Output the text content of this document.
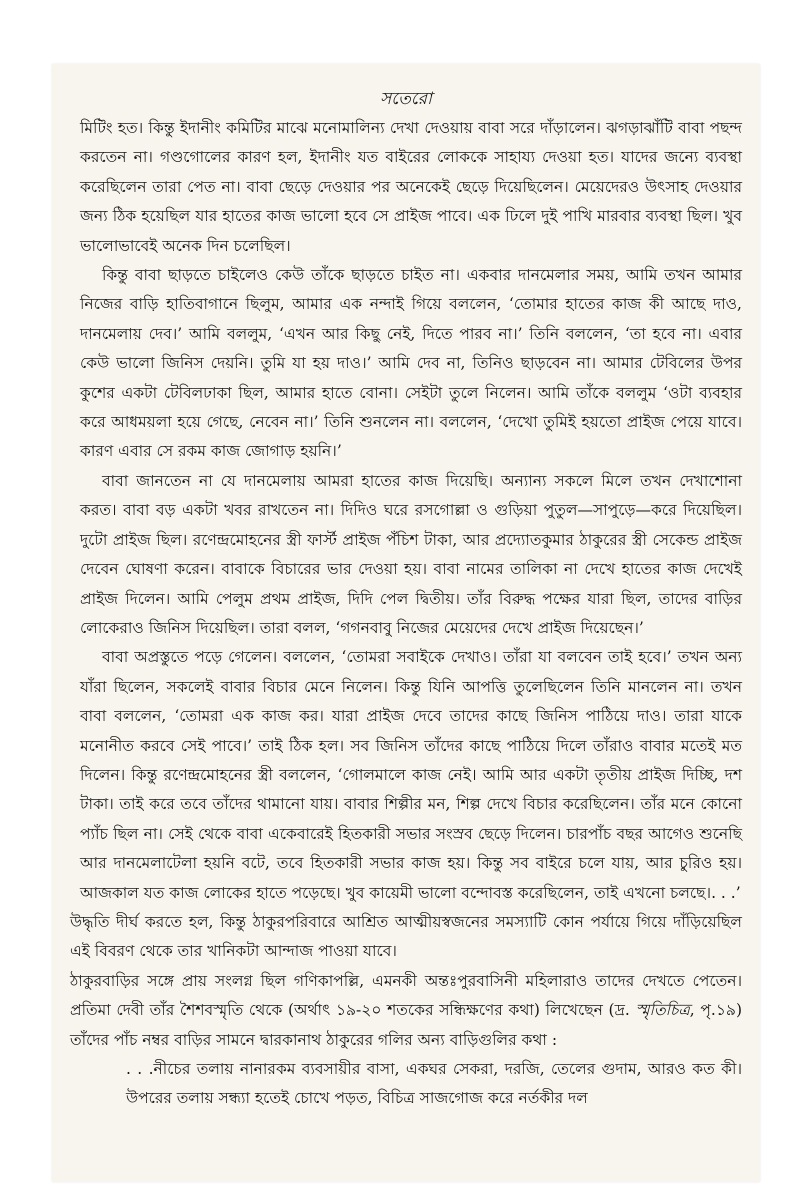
সতেরো

মিটিং হত। কিন্তু ইদানীং কমিটির মাঝে মনোমালিন্য দেখা দেওয়ায় বাবা সরে দাঁড়ালেন। ঝগড়াঝাঁটি বাবা পছন্দ করতেন না। গণ্ডগোলের কারণ হল, ইদানীং যত বাইরের লোককে সাহায্য দেওয়া হত। যাদের জন্যে ব্যবস্থা করেছিলেন তারা পেত না। বাবা ছেড়ে দেওয়ার পর অনেকেই ছেড়ে দিয়েছিলেন। মেয়েদেরও উৎসাহ দেওয়ার জন্য ঠিক হয়েছিল যার হাতের কাজ ভালো হবে সে প্রাইজ পাবে। এক ঢিলে দুই পাখি মারবার ব্যবস্থা ছিল। খুব ভালোভাবেই অনেক দিন চলেছিল।

কিন্তু বাবা ছাড়তে চাইলেও কেউ তাঁকে ছাড়তে চাইত না। একবার দানমেলার সময়, আমি তখন আমার নিজের বাড়ি হাতিবাগানে ছিলুম, আমার এক নন্দাই গিয়ে বললেন, ‘তোমার হাতের কাজ কী আছে দাও, দানমেলায় দেব।’ আমি বললুম, ‘এখন আর কিছু নেই, দিতে পারব না।’ তিনি বললেন, ‘তা হবে না। এবার কেউ ভালো জিনিস দেয়নি। তুমি যা হয় দাও।’ আমি দেব না, তিনিও ছাড়বেন না। আমার টেবিলের উপর কুশের একটা টেবিলঢাকা ছিল, আমার হাতে বোনা। সেইটা তুলে নিলেন। আমি তাঁকে বললুম ‘ওটা ব্যবহার করে আধময়লা হয়ে গেছে, নেবেন না।’ তিনি শুনলেন না। বললেন, ‘দেখো তুমিই হয়তো প্রাইজ পেয়ে যাবে। কারণ এবার সে রকম কাজ জোগাড় হয়নি।’

বাবা জানতেন না যে দানমেলায় আমরা হাতের কাজ দিয়েছি। অন্যান্য সকলে মিলে তখন দেখাশোনা করত। বাবা বড় একটা খবর রাখতেন না। দিদিও ঘরে রসগোল্লা ও গুড়িয়া পুতুল—সাপুড়ে—করে দিয়েছিল। দুটো প্রাইজ ছিল। রণেন্দ্রমোহনের স্ত্রী ফার্স্ট প্রাইজ পঁচিশ টাকা, আর প্রদ্যোতকুমার ঠাকুরের স্ত্রী সেকেন্ড প্রাইজ দেবেন ঘোষণা করেন। বাবাকে বিচারের ভার দেওয়া হয়। বাবা নামের তালিকা না দেখে হাতের কাজ দেখেই প্রাইজ দিলেন। আমি পেলুম প্রথম প্রাইজ, দিদি পেল দ্বিতীয়। তাঁর বিরুদ্ধ পক্ষের যারা ছিল, তাদের বাড়ির লোকেরাও জিনিস দিয়েছিল। তারা বলল, ‘গগনবাবু নিজের মেয়েদের দেখে প্রাইজ দিয়েছেন।’

বাবা অপ্রস্তুতে পড়ে গেলেন। বললেন, ‘তোমরা সবাইকে দেখাও। তাঁরা যা বলবেন তাই হবে।’ তখন অন্য যাঁরা ছিলেন, সকলেই বাবার বিচার মেনে নিলেন। কিন্তু যিনি আপত্তি তুলেছিলেন তিনি মানলেন না। তখন বাবা বললেন, ‘তোমরা এক কাজ কর। যারা প্রাইজ দেবে তাদের কাছে জিনিস পাঠিয়ে দাও। তারা যাকে মনোনীত করবে সেই পাবে।’ তাই ঠিক হল। সব জিনিস তাঁদের কাছে পাঠিয়ে দিলে তাঁরাও বাবার মতেই মত দিলেন। কিন্তু রণেন্দ্রমোহনের স্ত্রী বললেন, ‘গোলমালে কাজ নেই। আমি আর একটা তৃতীয় প্রাইজ দিচ্ছি, দশ টাকা। তাই করে তবে তাঁদের থামানো যায়। বাবার শিল্পীর মন, শিল্প দেখে বিচার করেছিলেন। তাঁর মনে কোনো প্যাঁচ ছিল না। সেই থেকে বাবা একেবারেই হিতকারী সভার সংস্রব ছেড়ে দিলেন। চারপাঁচ বছর আগেও শুনেছি আর দানমেলাটেলা হয়নি বটে, তবে হিতকারী সভার কাজ হয়। কিন্তু সব বাইরে চলে যায়, আর চুরিও হয়। আজকাল যত কাজ লোকের হাতে পড়েছে। খুব কায়েমী ভালো বন্দোবস্ত করেছিলেন, তাই এখনো চলছে।. . .’

উদ্ধৃতি দীর্ঘ করতে হল, কিন্তু ঠাকুরপরিবারে আশ্রিত আত্মীয়স্বজনের সমস্যাটি কোন পর্যায়ে গিয়ে দাঁড়িয়েছিল এই বিবরণ থেকে তার খানিকটা আন্দাজ পাওয়া যাবে।

ঠাকুরবাড়ির সঙ্গে প্রায় সংলগ্ন ছিল গণিকাপল্লি, এমনকী অন্তঃপুরবাসিনী মহিলারাও তাদের দেখতে পেতেন। প্রতিমা দেবী তাঁর শৈশবস্মৃতি থেকে (অর্থাৎ ১৯-২০ শতকের সন্ধিক্ষণের কথা) লিখেছেন (দ্র. স্মৃতিচিত্র, পৃ.১৯) তাঁদের পাঁচ নম্বর বাড়ির সামনে দ্বারকানাথ ঠাকুরের গলির অন্য বাড়িগুলির কথা :

. . .নীচের তলায় নানারকম ব্যবসায়ীর বাসা, একঘর সেকরা, দরজি, তেলের গুদাম, আরও কত কী। উপরের তলায় সন্ধ্যা হতেই চোখে পড়ত, বিচিত্র সাজগোজ করে নর্তকীর দল
